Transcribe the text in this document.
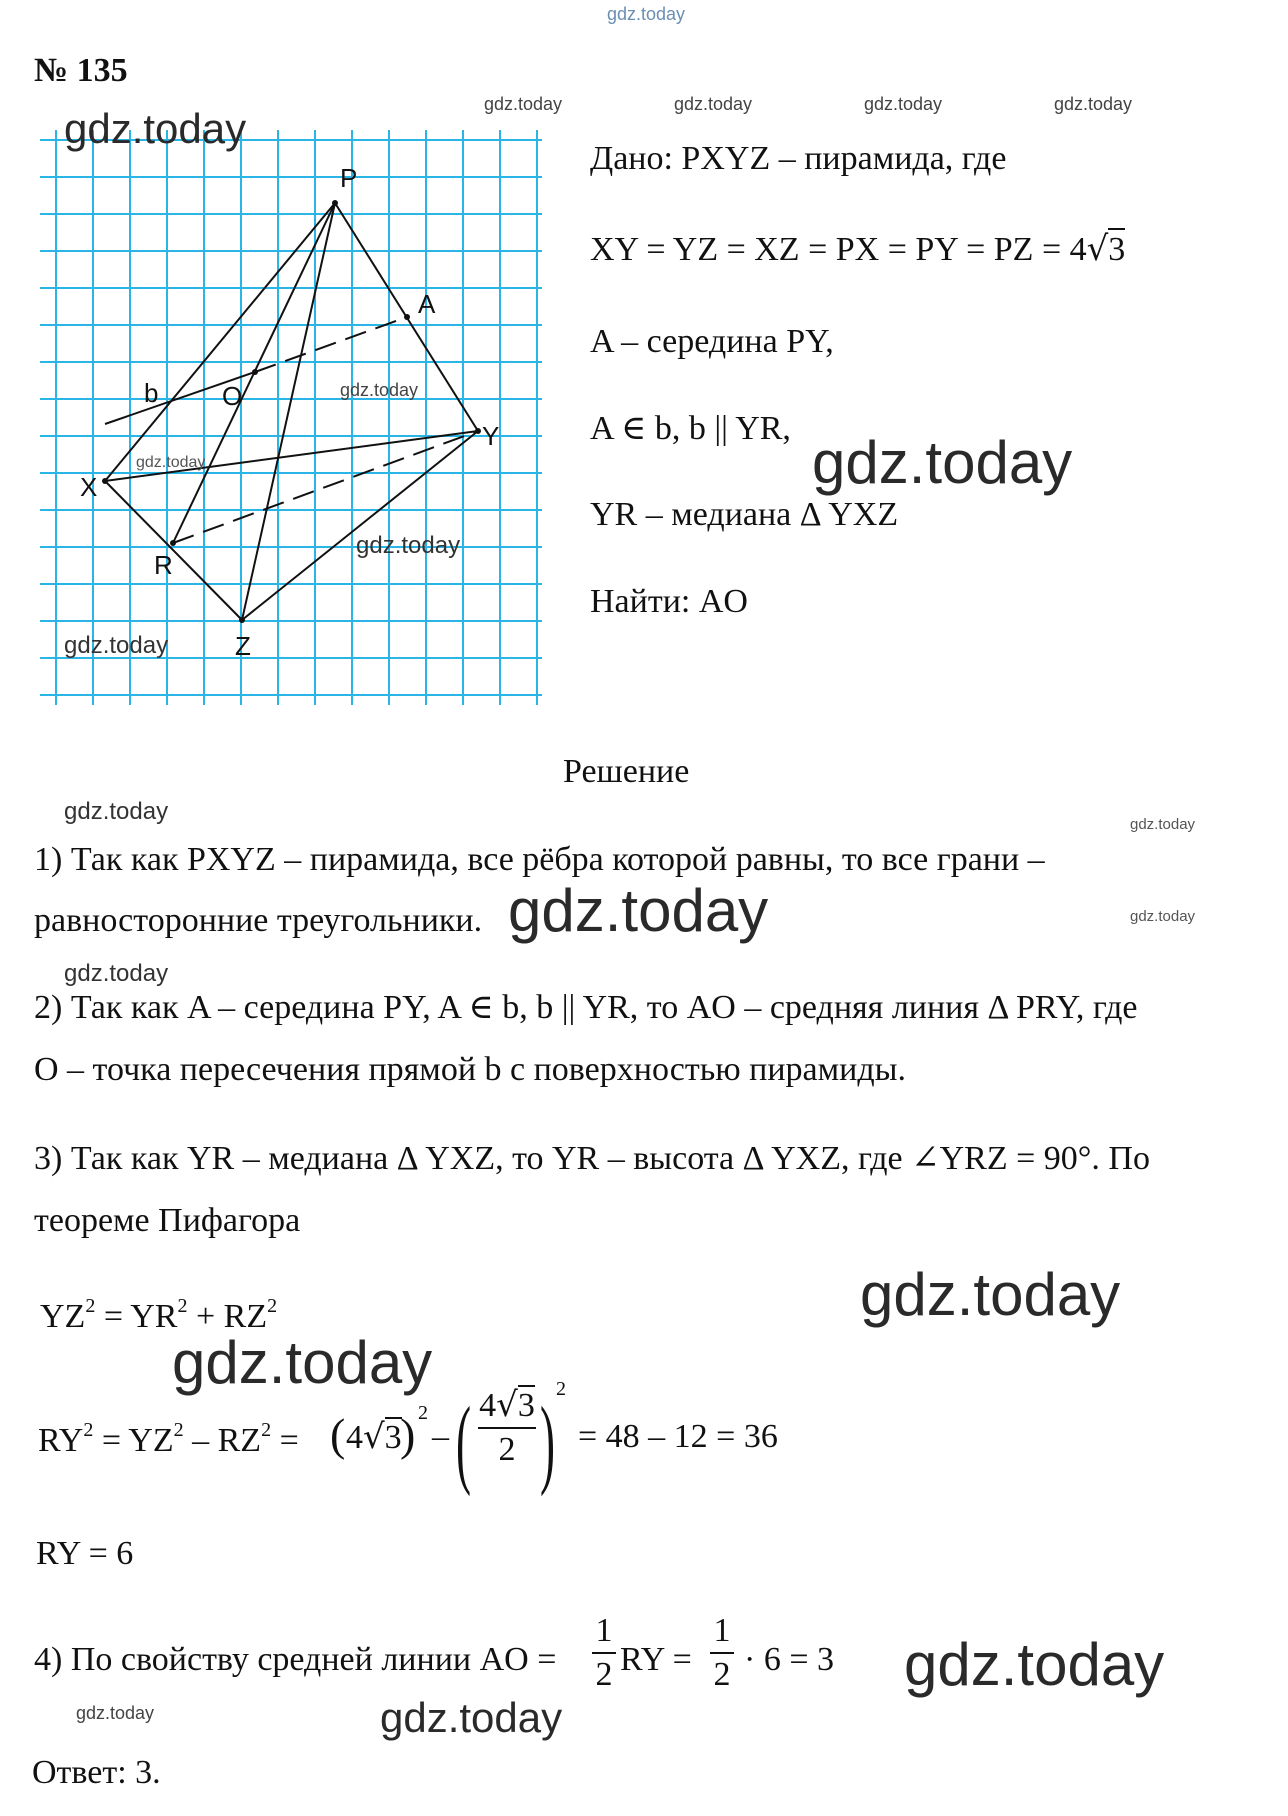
gdz.today
№ 135
gdz.today	gdz.today	gdz.today	gdz.today
P
A
b O
Y
X
R
Z
gdz.today
gdz.today
gdz.today
gdz.today
gdz.today
Дано: PXYZ – пирамида, где
XY = YZ = XZ = PX = PY = PZ = 4√3
A – середина PY,
A ∈ b, b || YR,
YR – медиана Δ YXZ
Найти: AO
gdz.today
Решение
gdz.today	gdz.today
1) Так как PXYZ – пирамида, все рёбра которой равны, то все грани –
равносторонние треугольники. gdz.today	gdz.today
gdz.today
2) Так как A – середина PY, A ∈ b, b || YR, то AO – средняя линия Δ PRY, где
O – точка пересечения прямой b с поверхностью пирамиды.
3) Так как YR – медиана Δ YXZ, то YR – высота Δ YXZ, где ∠YRZ = 90°. По
теореме Пифагора
$YZ^2 = YR^2 + RZ^2$	gdz.today
gdz.today
$RY^2 = YZ^2 - RZ^2$ = ( 4√3
) 2
– ( 4√3
2 ) 2
= 48 – 12 = 36
RY = 6
4) По свойству средней линии AO =
1
2 RY =
1
2 · 6 = 3 gdz.today
gdz.today	gdz.today
Ответ: 3.
